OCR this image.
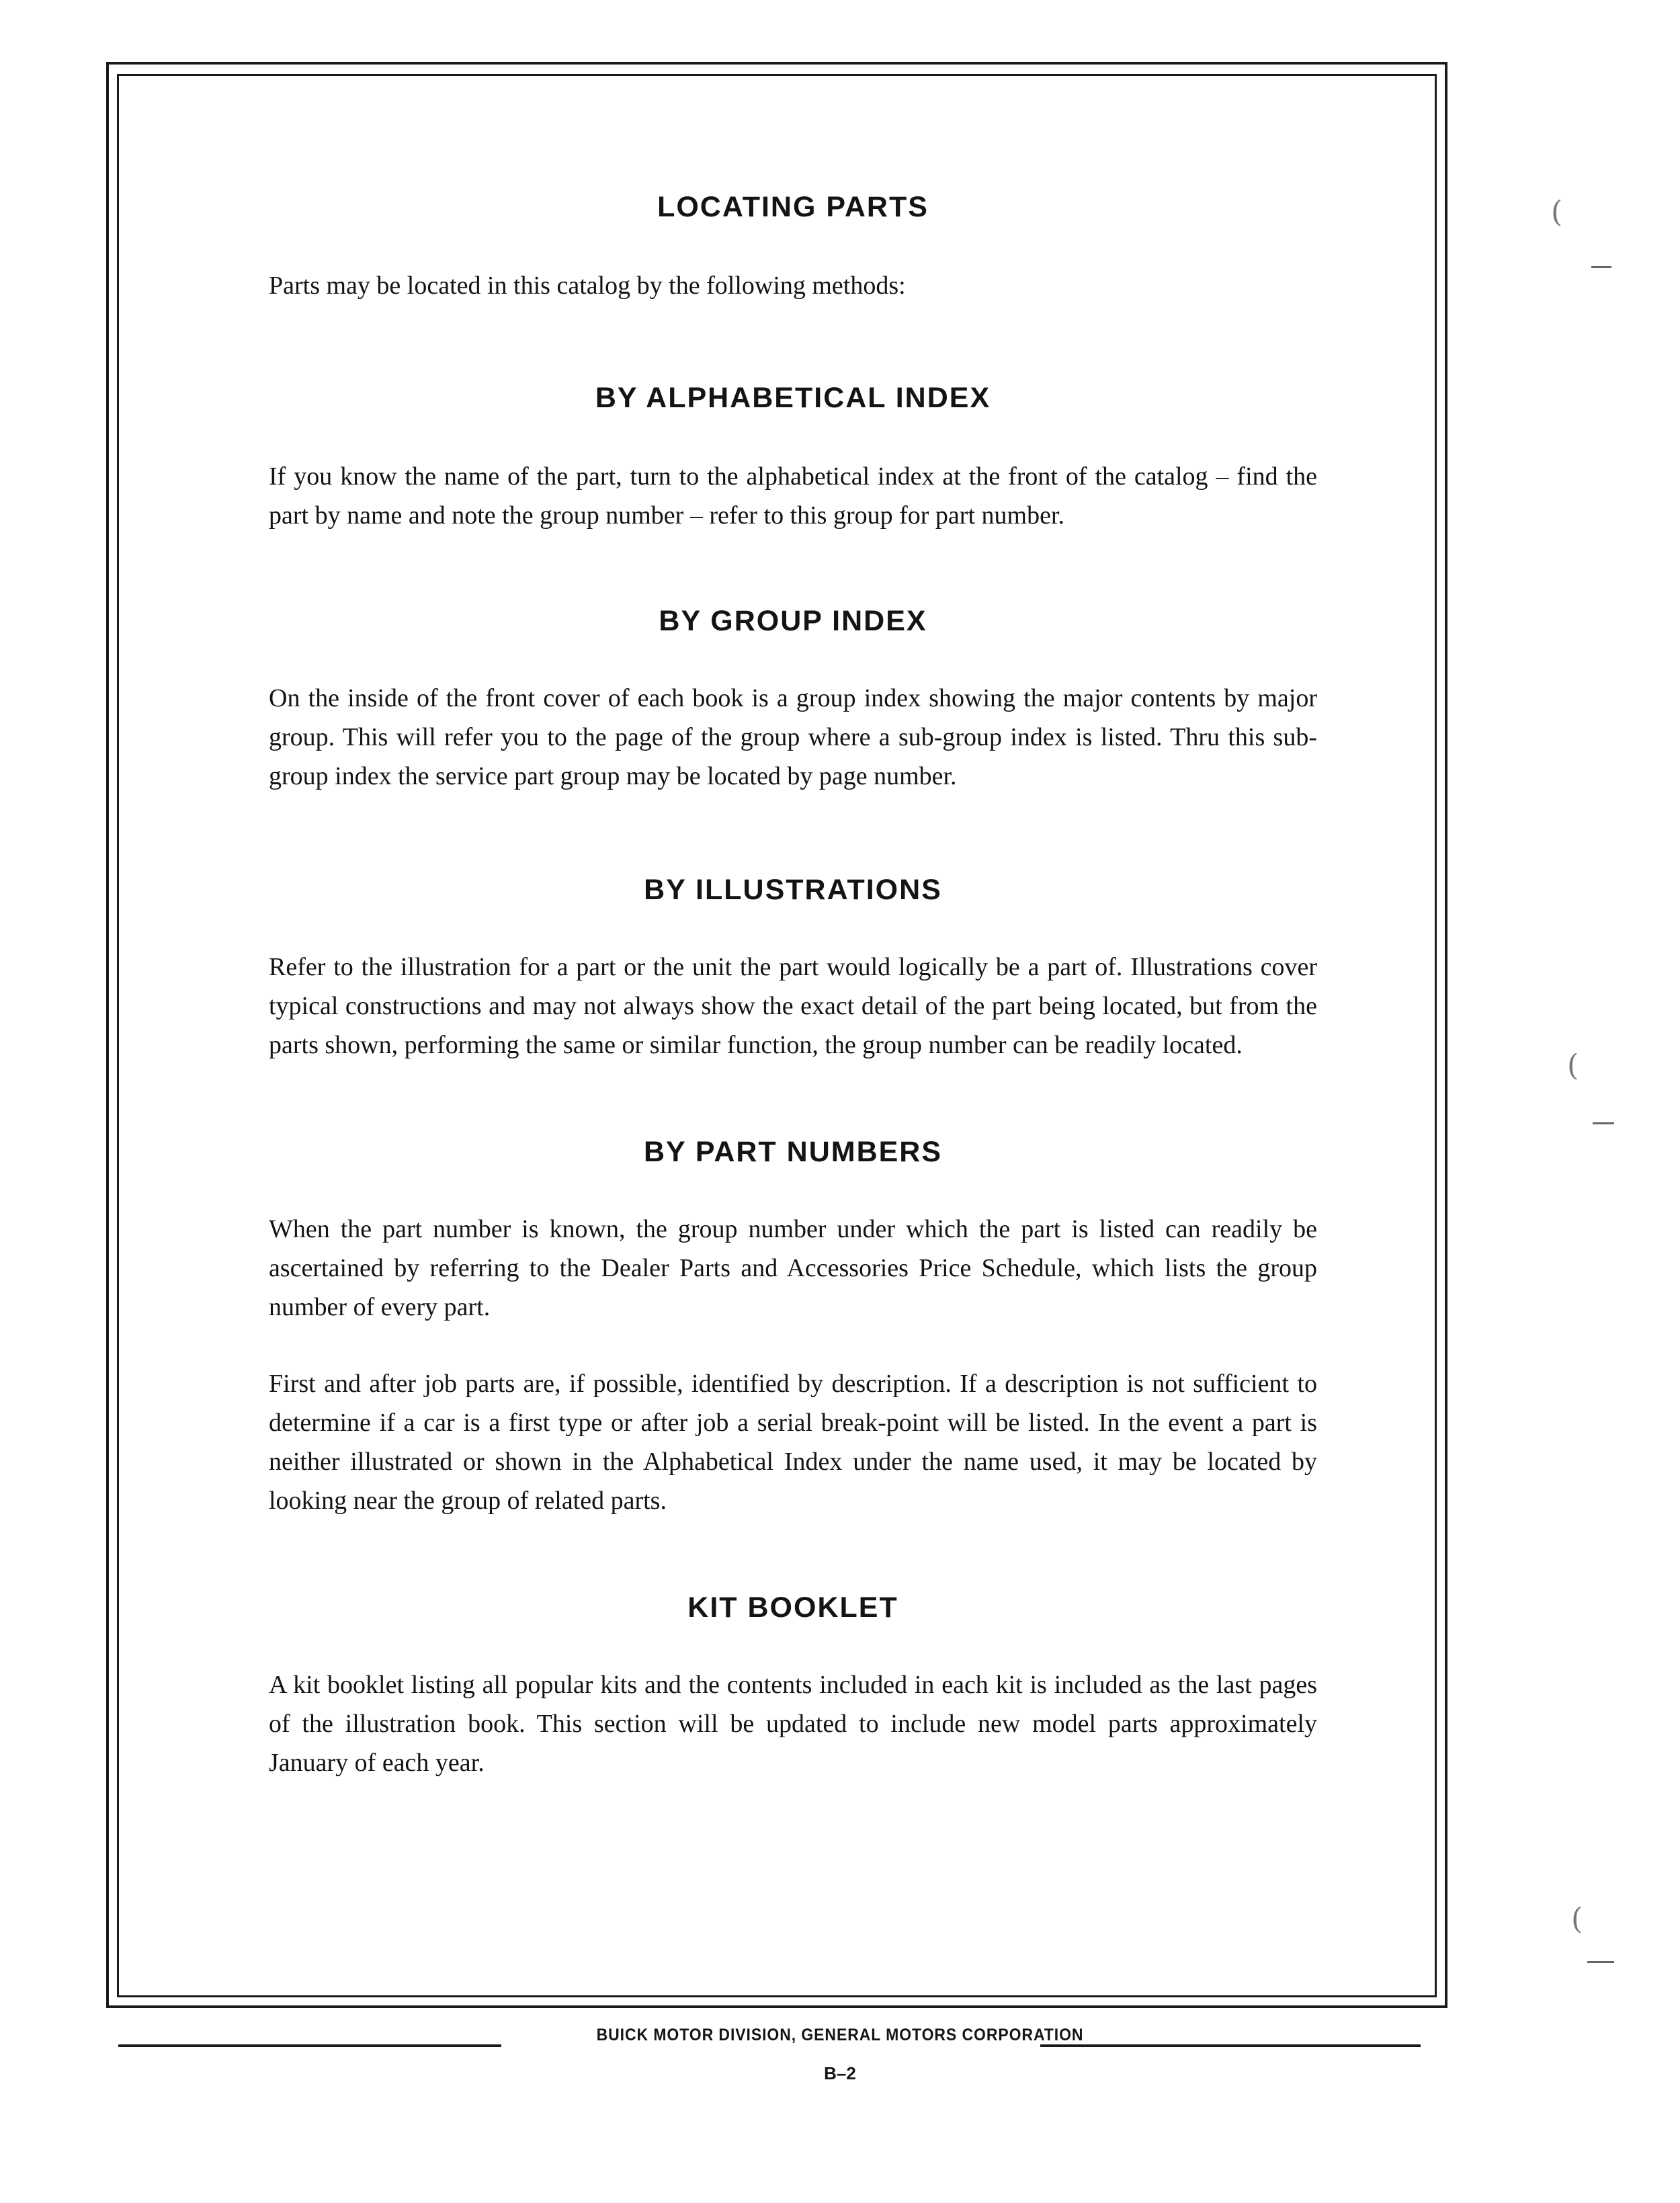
LOCATING PARTS

Parts may be located in this catalog by the following methods:

BY ALPHABETICAL INDEX

If you know the name of the part, turn to the alphabetical index at the front of the catalog – find the part by name and note the group number – refer to this group for part number.

BY GROUP INDEX

On the inside of the front cover of each book is a group index showing the major contents by major group. This will refer you to the page of the group where a sub-group index is listed. Thru this sub-group index the service part group may be located by page number.

BY ILLUSTRATIONS

Refer to the illustration for a part or the unit the part would logically be a part of. Illustrations cover typical constructions and may not always show the exact detail of the part being located, but from the parts shown, performing the same or similar function, the group number can be readily located.

BY PART NUMBERS

When the part number is known, the group number under which the part is listed can readily be ascertained by referring to the Dealer Parts and Accessories Price Schedule, which lists the group number of every part.

First and after job parts are, if possible, identified by description. If a description is not sufficient to determine if a car is a first type or after job a serial break-point will be listed. In the event a part is neither illustrated or shown in the Alphabetical Index under the name used, it may be located by looking near the group of related parts.

KIT BOOKLET

A kit booklet listing all popular kits and the contents included in each kit is included as the last pages of the illustration book. This section will be updated to include new model parts approximately January of each year.

BUICK MOTOR DIVISION, GENERAL MOTORS CORPORATION
B–2
(
(
(
